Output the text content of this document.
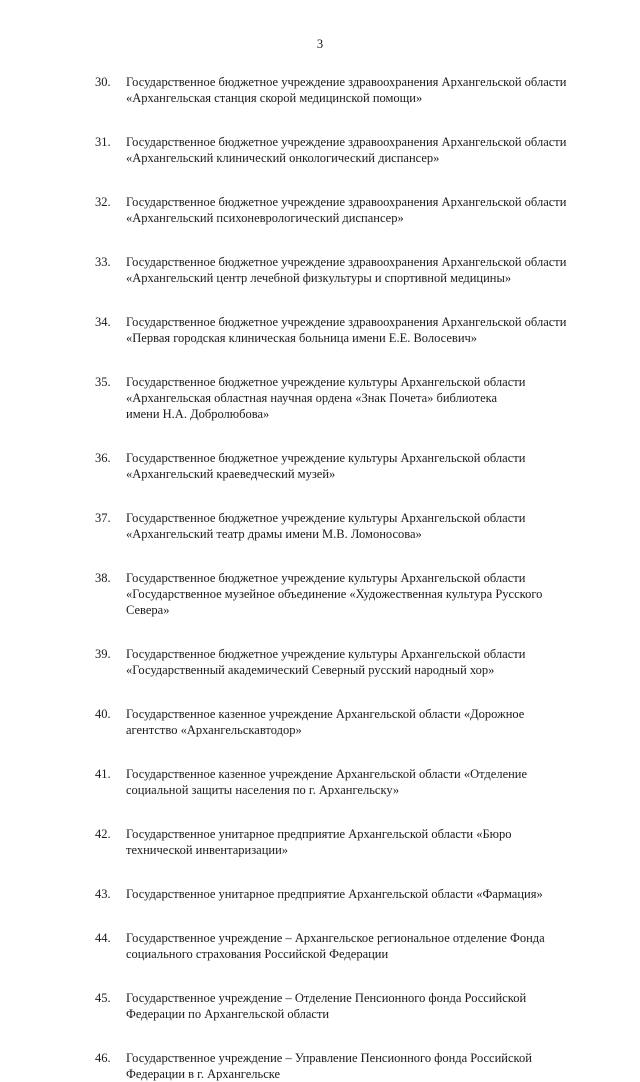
3
30. Государственное бюджетное учреждение здравоохранения Архангельской области
«Архангельская станция скорой медицинской помощи»
31. Государственное бюджетное учреждение здравоохранения Архангельской области
«Архангельский клинический онкологический диспансер»
32. Государственное бюджетное учреждение здравоохранения Архангельской области
«Архангельский психоневрологический диспансер»
33. Государственное бюджетное учреждение здравоохранения Архангельской области
«Архангельский центр лечебной физкультуры и спортивной медицины»
34. Государственное бюджетное учреждение здравоохранения Архангельской области
«Первая городская клиническая больница имени Е.Е. Волосевич»
35. Государственное бюджетное учреждение культуры Архангельской области
«Архангельская областная научная ордена «Знак Почета» библиотека
имени Н.А. Добролюбова»
36. Государственное бюджетное учреждение культуры Архангельской области
«Архангельский краеведческий музей»
37. Государственное бюджетное учреждение культуры Архангельской области
«Архангельский театр драмы имени М.В. Ломоносова»
38. Государственное бюджетное учреждение культуры Архангельской области
«Государственное музейное объединение «Художественная культура Русского
Севера»
39. Государственное бюджетное учреждение культуры Архангельской области
«Государственный академический Северный русский народный хор»
40. Государственное казенное учреждение Архангельской области «Дорожное
агентство «Архангельскавтодор»
41. Государственное казенное учреждение Архангельской области «Отделение
социальной защиты населения по г. Архангельску»
42. Государственное унитарное предприятие Архангельской области «Бюро
технической инвентаризации»
43. Государственное унитарное предприятие Архангельской области «Фармация»
44. Государственное учреждение – Архангельское региональное отделение Фонда
социального страхования Российской Федерации
45. Государственное учреждение – Отделение Пенсионного фонда Российской
Федерации по Архангельской области
46. Государственное учреждение – Управление Пенсионного фонда Российской
Федерации в г. Архангельске
